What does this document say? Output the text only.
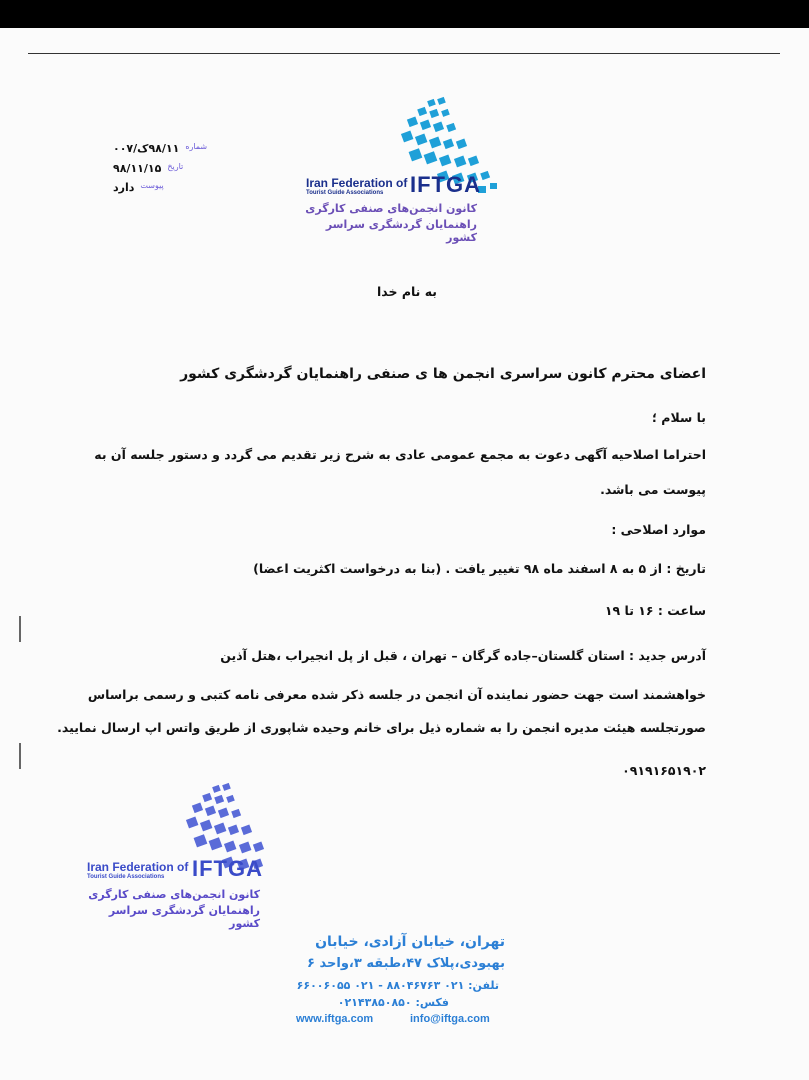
شماره
۹۸/۱۱ک/۰۰۷
تاریخ
۹۸/۱۱/۱۵
پیوست
دارد	Iran Federation of
Tourist Guide Associations IFTGA
کانون انجمن‌های صنفی کارگری
راهنمایان گردشگری سراسر کشور
به نام خدا
اعضای محترم کانون سراسری انجمن ها ی صنفی راهنمایان گردشگری کشور
با سلام ؛
احتراما اصلاحیه آگهی دعوت به مجمع عمومی عادی به شرح زیر تقدیم می گردد و دستور جلسه آن به
پیوست می باشد.
موارد اصلاحی :
تاریخ : از ۵ به ۸ اسفند ماه ۹۸ تغییر یافت . (بنا به درخواست اکثریت اعضا)
ساعت : ۱۶ تا ۱۹
آدرس جدید : استان گلستان–جاده گرگان – تهران ، قبل از پل انجیراب ،هتل آذین
خواهشمند است جهت حضور نماینده آن انجمن در جلسه ذکر شده معرفی نامه کتبی و رسمی براساس
صورتجلسه هیئت مدیره انجمن را به شماره ذیل برای خانم وحیده شاپوری از طریق واتس اپ ارسال نمایید.
۰۹۱۹۱۶۵۱۹۰۲
Iran Federation of
Tourist Guide Associations IFTGA
کانون انجمن‌های صنفی کارگری
راهنمایان گردشگری سراسر کشور
تهران، خیابان آزادی، خیابان
بهبودی،پلاک ۴۷،طبقه ۳،واحد ۶
تلفن: ۰۲۱ ۸۸۰۴۶۷۶۳ - ۰۲۱ ۶۶۰۰۶۰۵۵
فکس: ۰۲۱۴۳۸۵۰۸۵۰
www.iftga.com	info@iftga.com
